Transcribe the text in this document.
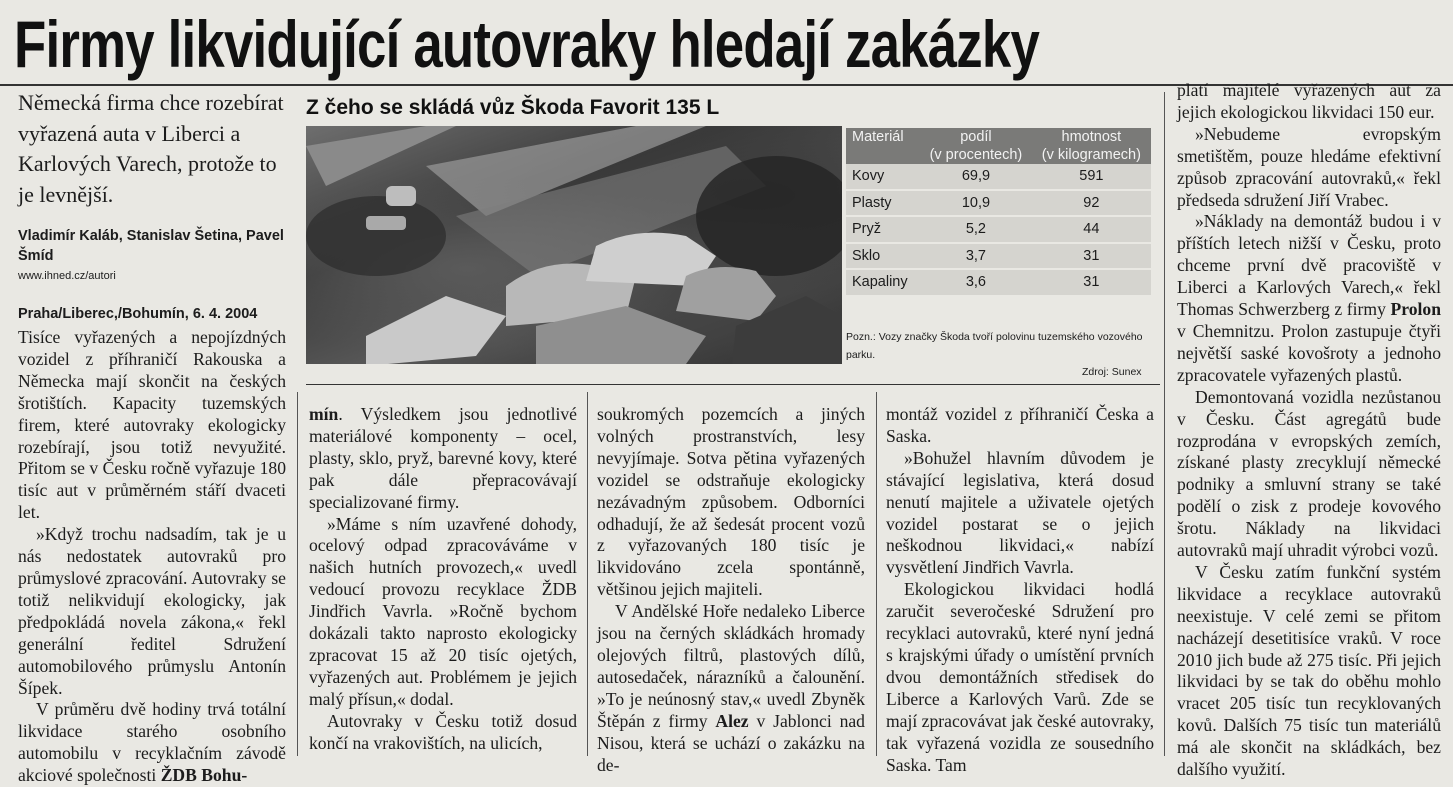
Firmy likvidující autovraky hledají zakázky
Německá firma chce rozebírat vyřazená auta v Liberci a Karlových Varech, protože to je levnější.
Vladimír Kaláb, Stanislav Šetina, Pavel Šmíd
www.ihned.cz/autori
Praha/Liberec,/Bohumín, 6. 4. 2004

Tisíce vyřazených a nepojízdných vozidel z příhraničí Rakouska a Německa mají skončit na českých šrotištích. Kapacity tuzemských firem, které autovraky ekologicky rozebírají, jsou totiž nevyužité. Přitom se v Česku ročně vyřazuje 180 tisíc aut v průměrném stáří dvaceti let.

»Když trochu nadsadím, tak je u nás nedostatek autovraků pro průmyslové zpracování. Autovraky se totiž nelikvidují ekologicky, jak předpokládá novela zákona,« řekl generální ředitel Sdružení automobilového průmyslu Antonín Šípek.

V průměru dvě hodiny trvá totální likvidace starého osobního automobilu v recyklačním závodě akciové společnosti ŽDB Bohu-

mín. Výsledkem jsou jednotlivé materiálové komponenty – ocel, plasty, sklo, pryž, barevné kovy, které pak dále přepracovávají specializované firmy.

»Máme s ním uzavřené dohody, ocelový odpad zpracováváme v našich hutních provozech,« uvedl vedoucí provozu recyklace ŽDB Jindřich Vavrla. »Ročně bychom dokázali takto naprosto ekologicky zpracovat 15 až 20 tisíc ojetých, vyřazených aut. Problémem je jejich malý přísun,« dodal.

Autovraky v Česku totiž dosud končí na vrakovištích, na ulicích,

soukromých pozemcích a jiných volných prostranstvích, lesy nevyjímaje. Sotva pětina vyřazených vozidel se odstraňuje ekologicky nezávadným způsobem. Odborníci odhadují, že až šedesát procent vozů z vyřazovaných 180 tisíc je likvidováno zcela spontánně, většinou jejich majiteli.

V Andělské Hoře nedaleko Liberce jsou na černých skládkách hromady olejových filtrů, plastových dílů, autosedaček, nárazníků a čalounění. »To je neúnosný stav,« uvedl Zbyněk Štěpán z firmy Alez v Jablonci nad Nisou, která se uchází o zakázku na de-

montáž vozidel z příhraničí Česka a Saska.

»Bohužel hlavním důvodem je stávající legislativa, která dosud nenutí majitele a uživatele ojetých vozidel postarat se o jejich neškodnou likvidaci,« nabízí vysvětlení Jindřich Vavrla.

Ekologickou likvidaci hodlá zaručit severočeské Sdružení pro recyklaci autovraků, které nyní jedná s krajskými úřady o umístění prvních dvou demontážních středisek do Liberce a Karlových Varů. Zde se mají zpracovávat jak české autovraky, tak vyřazená vozidla ze sousedního Saska. Tam

platí majitelé vyřazených aut za jejich ekologickou likvidaci 150 eur.

»Nebudeme evropským smetištěm, pouze hledáme efektivní způsob zpracování autovraků,« řekl předseda sdružení Jiří Vrabec.

»Náklady na demontáž budou i v příštích letech nižší v Česku, proto chceme první dvě pracoviště v Liberci a Karlových Varech,« řekl Thomas Schwerzberg z firmy Prolon v Chemnitzu. Prolon zastupuje čtyři největší saské kovošroty a jednoho zpracovatele vyřazených plastů.

Demontovaná vozidla nezůstanou v Česku. Část agregátů bude rozprodána v evropských zemích, získané plasty zrecyklují německé podniky a smluvní strany se také podělí o zisk z prodeje kovového šrotu. Náklady na likvidaci autovraků mají uhradit výrobci vozů.

V Česku zatím funkční systém likvidace a recyklace autovraků neexistuje. V celé zemi se přitom nacházejí desetitisíce vraků. V roce 2010 jich bude až 275 tisíc. Při jejich likvidaci by se tak do oběhu mohlo vracet 205 tisíc tun recyklovaných kovů. Dalších 75 tisíc tun materiálů má ale skončit na skládkách, bez dalšího využití.

Z čeho se skládá vůz Škoda Favorit 135 L
Materiál	podíl	hmotnost
	(v procentech)	(v kilogramech)
Kovy	69,9	591
Plasty	10,9	92
Pryž	5,2	44
Sklo	3,7	31
Kapaliny	3,6	31
Pozn.: Vozy značky Škoda tvoří polovinu tuzemského vozového parku.
Zdroj: Sunex
